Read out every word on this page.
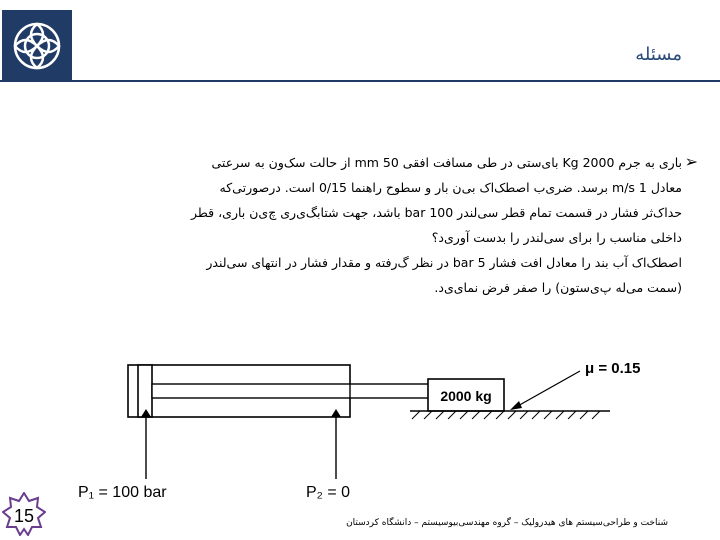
مسئله
➢
باری به جرم 2000 Kg بای‌ستی در طی مسافت افقی 50 mm از حالت سک‌ون به سرعتی
معادل m/s 1 برسد. ضری‌ب اصطک‌اک بی‌ن بار و سطوح راهنما 0/15 است. درصورتی‌که
حداک‌ثر فشار در قسمت تمام قطر سی‌لندر bar 100 باشد، جهت شتابگ‌ی‌ری چ‌ی‌ن باری، قطر
داخلی مناسب را برای سی‌لندر را بدست آوری‌د؟
اصطک‌اک آب بند را معادل افت فشار bar 5 در نظر گ‌رفته و مقدار فشار در انتهای سی‌لندر
(سمت می‌له پ‌ی‌ستون) را صفر فرض نمای‌ی‌د.
2000 kg
μ = 0.15
P₁ = 100 bar	P₂ = 0
15	شناخت و طراحی‌سیستم های هیدرولیک – گروه مهندسی‌بیوسیستم – دانشگاه کردستان
